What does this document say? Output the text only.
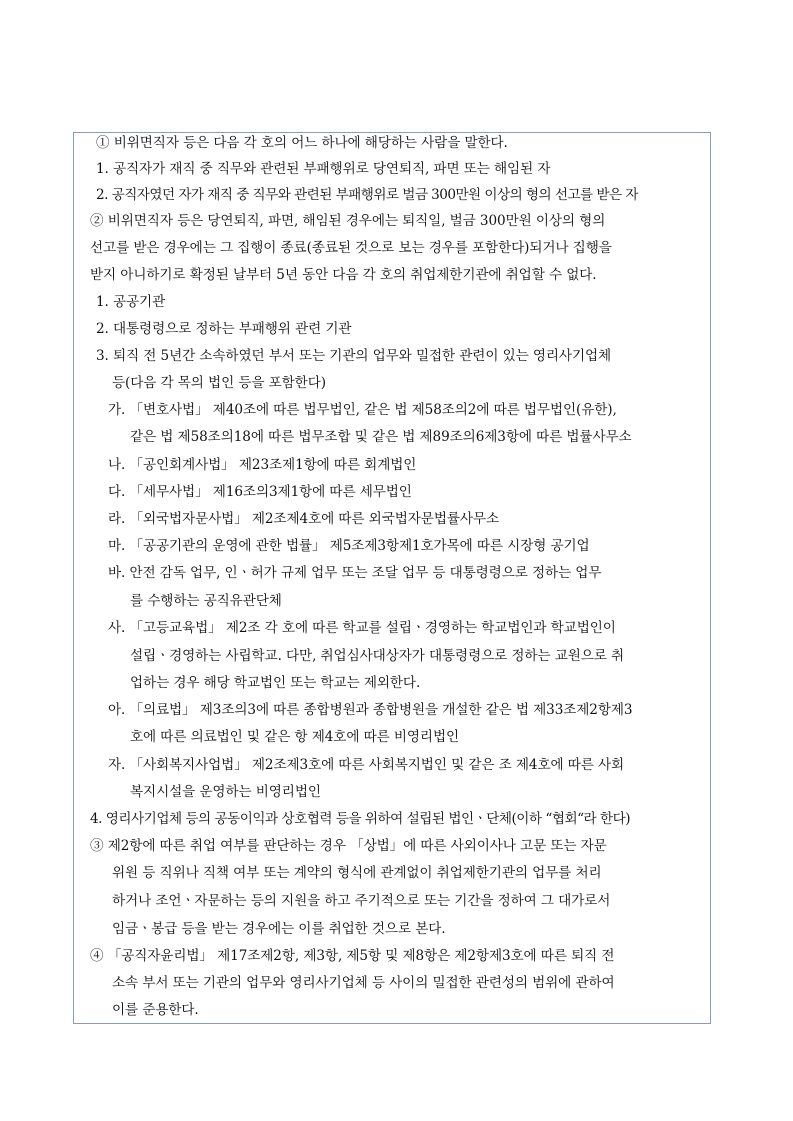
① 비위면직자 등은 다음 각 호의 어느 하나에 해당하는 사람을 말한다.
1. 공직자가 재직 중 직무와 관련된 부패행위로 당연퇴직, 파면 또는 해임된 자
2. 공직자였던 자가 재직 중 직무와 관련된 부패행위로 벌금 300만원 이상의 형의 선고를 받은 자
② 비위면직자 등은 당연퇴직, 파면, 해임된 경우에는 퇴직일, 벌금 300만원 이상의 형의
선고를 받은 경우에는 그 집행이 종료(종료된 것으로 보는 경우를 포함한다)되거나 집행을
받지 아니하기로 확정된 날부터 5년 동안 다음 각 호의 취업제한기관에 취업할 수 없다.
1. 공공기관
2. 대통령령으로 정하는 부패행위 관련 기관
3. 퇴직 전 5년간 소속하였던 부서 또는 기관의 업무와 밀접한 관련이 있는 영리사기업체
등(다음 각 목의 법인 등을 포함한다)
가. 「변호사법」 제40조에 따른 법무법인, 같은 법 제58조의2에 따른 법무법인(유한),
같은 법 제58조의18에 따른 법무조합 및 같은 법 제89조의6제3항에 따른 법률사무소
나. 「공인회계사법」 제23조제1항에 따른 회계법인
다. 「세무사법」 제16조의3제1항에 따른 세무법인
라. 「외국법자문사법」 제2조제4호에 따른 외국법자문법률사무소
마. 「공공기관의 운영에 관한 법률」 제5조제3항제1호가목에 따른 시장형 공기업
바. 안전 감독 업무, 인ㆍ허가 규제 업무 또는 조달 업무 등 대통령령으로 정하는 업무
를 수행하는 공직유관단체
사. 「고등교육법」 제2조 각 호에 따른 학교를 설립ㆍ경영하는 학교법인과 학교법인이
설립ㆍ경영하는 사립학교. 다만, 취업심사대상자가 대통령령으로 정하는 교원으로 취
업하는 경우 해당 학교법인 또는 학교는 제외한다.
아. 「의료법」 제3조의3에 따른 종합병원과 종합병원을 개설한 같은 법 제33조제2항제3
호에 따른 의료법인 및 같은 항 제4호에 따른 비영리법인
자. 「사회복지사업법」 제2조제3호에 따른 사회복지법인 및 같은 조 제4호에 따른 사회
복지시설을 운영하는 비영리법인
4. 영리사기업체 등의 공동이익과 상호협력 등을 위하여 설립된 법인ㆍ단체(이하 “협회“라 한다)
③ 제2항에 따른 취업 여부를 판단하는 경우 「상법」에 따른 사외이사나 고문 또는 자문
위원 등 직위나 직책 여부 또는 계약의 형식에 관계없이 취업제한기관의 업무를 처리
하거나 조언ㆍ자문하는 등의 지원을 하고 주기적으로 또는 기간을 정하여 그 대가로서
임금ㆍ봉급 등을 받는 경우에는 이를 취업한 것으로 본다.
④ 「공직자윤리법」 제17조제2항, 제3항, 제5항 및 제8항은 제2항제3호에 따른 퇴직 전
소속 부서 또는 기관의 업무와 영리사기업체 등 사이의 밀접한 관련성의 범위에 관하여
이를 준용한다.
